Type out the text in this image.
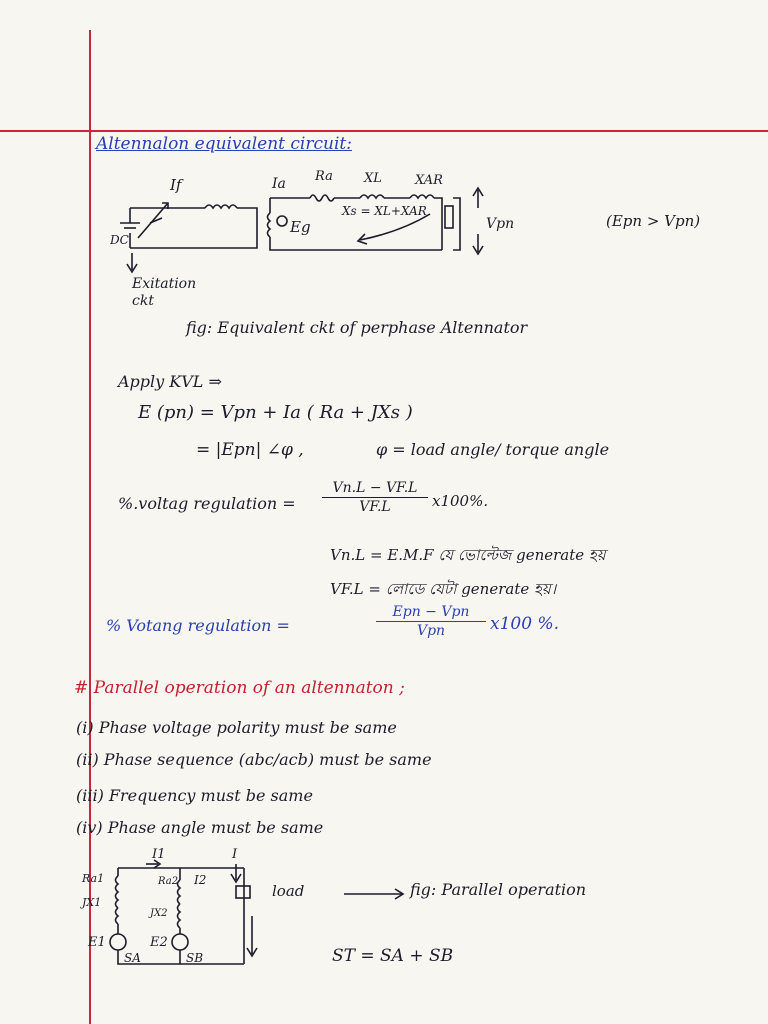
Altennalon equivalent circuit:
If	Ia Ra XL	XAR
Xs = XL+XAR
Eg
DC
Vpn	(Epn > Vpn)
Exitation ckt
fig: Equivalent ckt of perphase Altennator
Apply KVL ⇒
E (pn) = Vpn + Ia ( Ra + JXs )
= |Epn| ∠φ ,	φ = load angle/ torque angle
%.voltag regulation = $\frac{Vn.L - VF.L}{VF.L} x100\%$.
Vn.L = E.M.F যে ভোল্টেজ generate হয়
VF.L = লোডে যেটা generate হয়।
% Votang regulation =
Epn − Vpn
Vpn	x100 %.
# Parallel operation of an altennaton ;
(i) Phase voltage polarity must be same
(ii) Phase sequence (abc/acb) must be same
(iii) Frequency must be same
(iv) Phase angle must be same
I1	I
I2
Ra1
JX1
Ra2
JX2
E1	E2
SA	SB
load	fig: Parallel operation
ST = SA + SB
